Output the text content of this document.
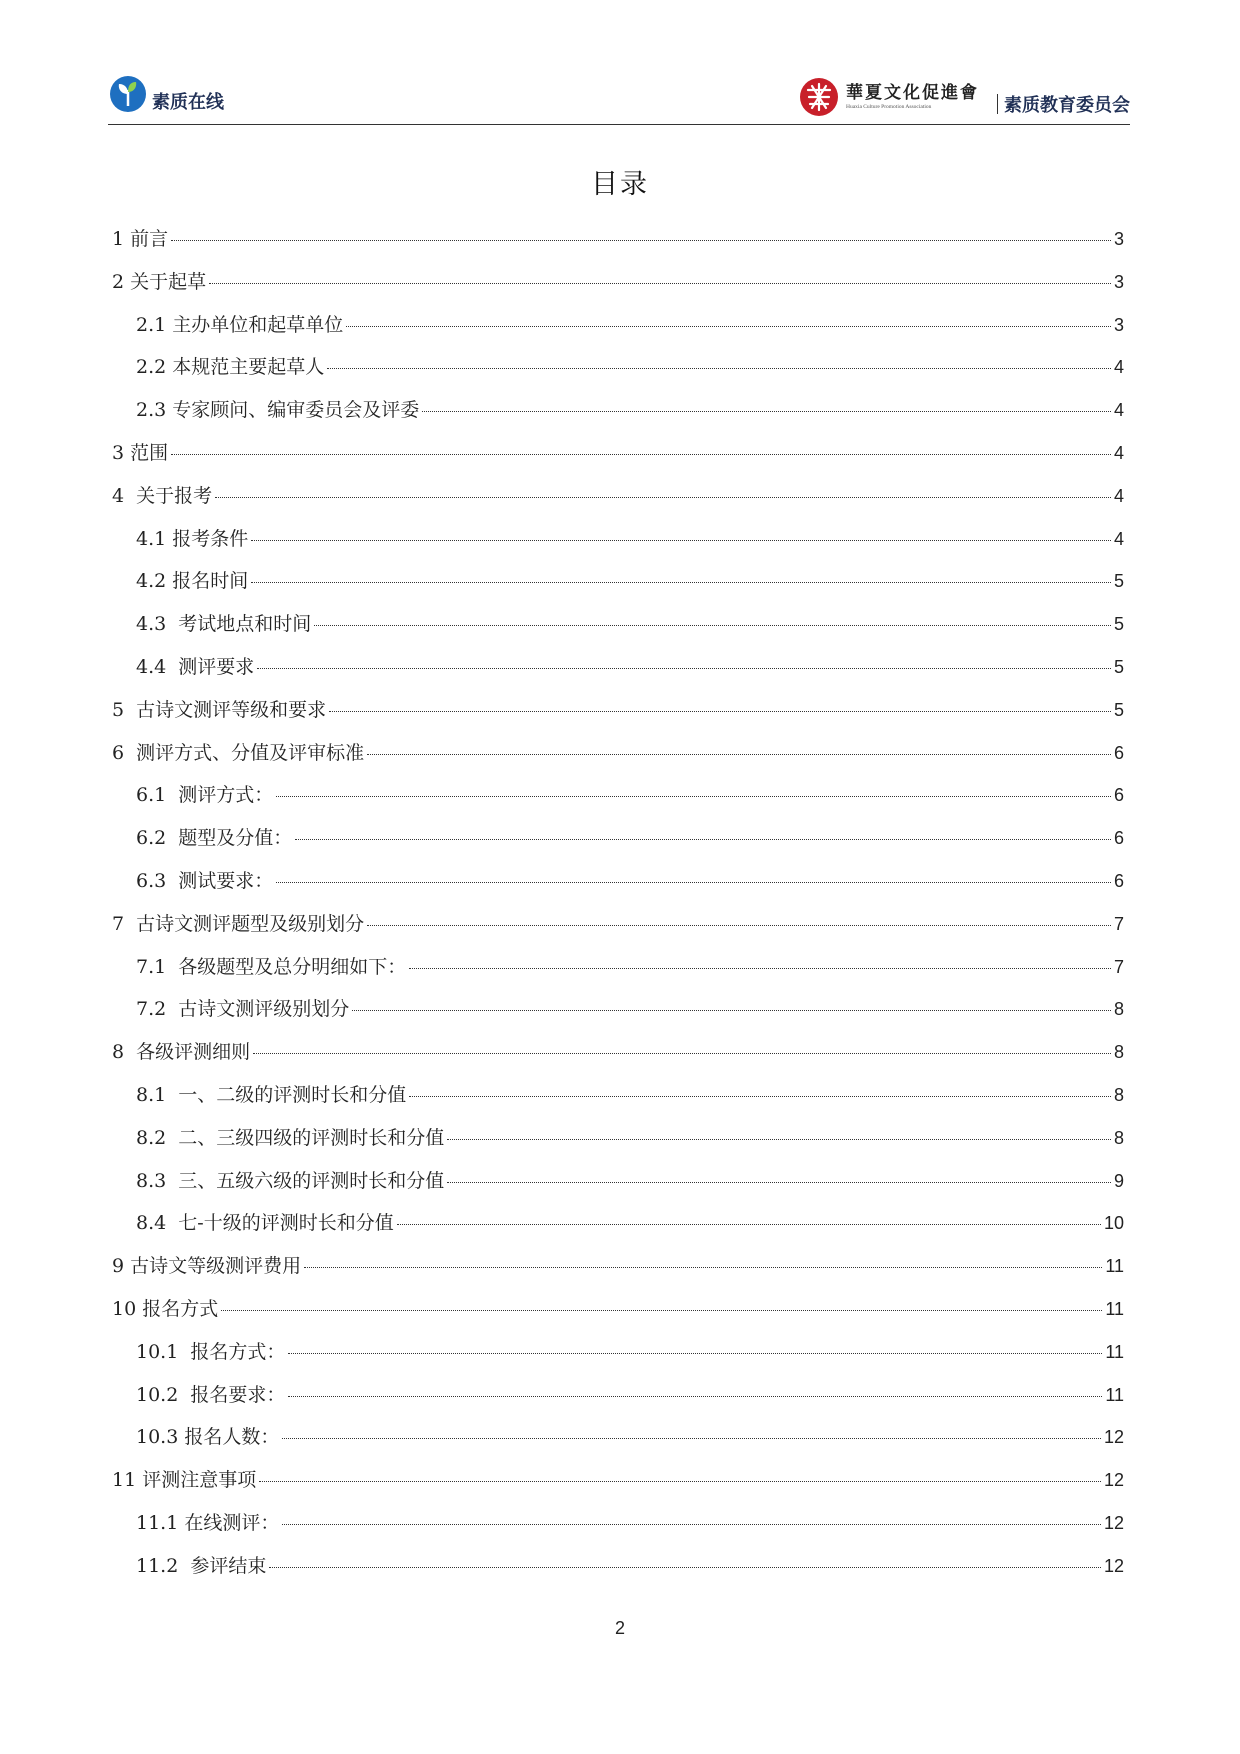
素质在线	華夏文化促進會
Huaxia Culture Promotion Association	素质教育委员会
目录
1 前言	3
2 关于起草	3
2.1 主办单位和起草单位	3
2.2 本规范主要起草人	4
2.3 专家顾问、编审委员会及评委	4
3 范围	4
4  关于报考	4
4.1 报考条件	4
4.2 报名时间	5
4.3  考试地点和时间	5
4.4  测评要求	5
5  古诗文测评等级和要求	5
6  测评方式、分值及评审标准	6
6.1  测评方式：	6
6.2  题型及分值：	6
6.3  测试要求：	6
7  古诗文测评题型及级别划分	7
7.1  各级题型及总分明细如下：	7
7.2  古诗文测评级别划分	8
8  各级评测细则	8
8.1  一、二级的评测时长和分值	8
8.2  二、三级四级的评测时长和分值	8
8.3  三、五级六级的评测时长和分值	9
8.4  七-十级的评测时长和分值	10
9 古诗文等级测评费用	11
10 报名方式	11
10.1  报名方式：	11
10.2  报名要求：	11
10.3 报名人数：	12
11 评测注意事项	12
11.1 在线测评：	12
11.2  参评结束	12
2
